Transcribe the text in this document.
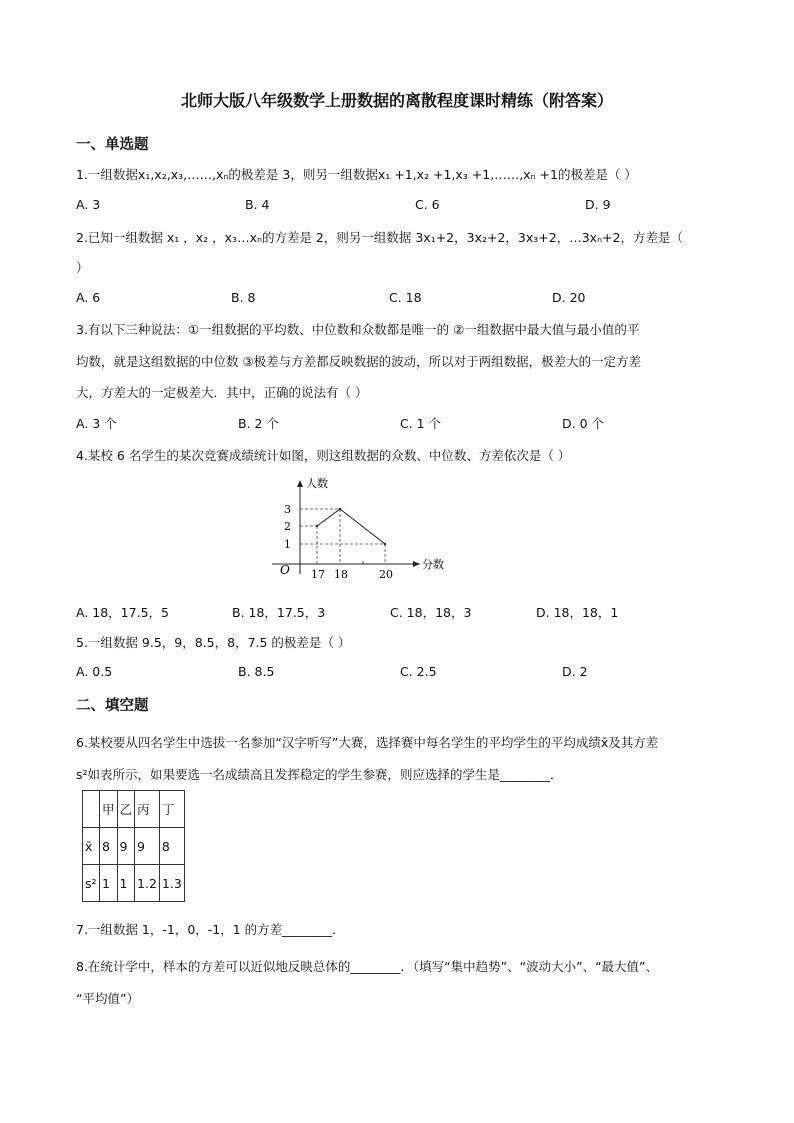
北师大版八年级数学上册数据的离散程度课时精练（附答案）
一、单选题
1.一组数据x₁,x₂,x₃,……,xₙ的极差是 3，则另一组数据x₁ +1,x₂ +1,x₃ +1,……,xₙ +1的极差是（ ）
A. 3	B. 4	C. 6	D. 9
2.已知一组数据 x₁ ，x₂ ，x₃…xₙ的方差是 2，则另一组数据 3x₁+2，3x₂+2，3x₃+2，…3xₙ+2，方差是（
）
A. 6	B. 8	C. 18	D. 20
3.有以下三种说法：①一组数据的平均数、中位数和众数都是唯一的 ②一组数据中最大值与最小值的平
均数，就是这组数据的中位数 ③极差与方差都反映数据的波动，所以对于两组数据，极差大的一定方差
大，方差大的一定极差大．其中，正确的说法有（ ）
A. 3 个	B. 2 个	C. 1 个	D. 0 个
4.某校 6 名学生的某次竞赛成绩统计如图，则这组数据的众数、中位数、方差依次是（ ）
人数
分数
O 17 18	20
1
2
3
A. 18，17.5，5	B. 18，17.5，3	C. 18，18，3	D. 18，18，1
5.一组数据 9.5，9，8.5，8，7.5 的极差是（ ）
A. 0.5	B. 8.5	C. 2.5	D. 2
二、填空题
6.某校要从四名学生中选拔一名参加“汉字听写”大赛，选择赛中每名学生的平均学生的平均成绩x̄及其方差
s²如表所示，如果要选一名成绩高且发挥稳定的学生参赛，则应选择的学生是________．
	甲	乙	丙	丁
x̄	8	9	9	8
s²	1	1	1.2	1.3
7.一组数据 1，-1，0，-1，1 的方差________．
8.在统计学中，样本的方差可以近似地反映总体的________．（填写“集中趋势”、“波动大小”、“最大值”、
“平均值”）
